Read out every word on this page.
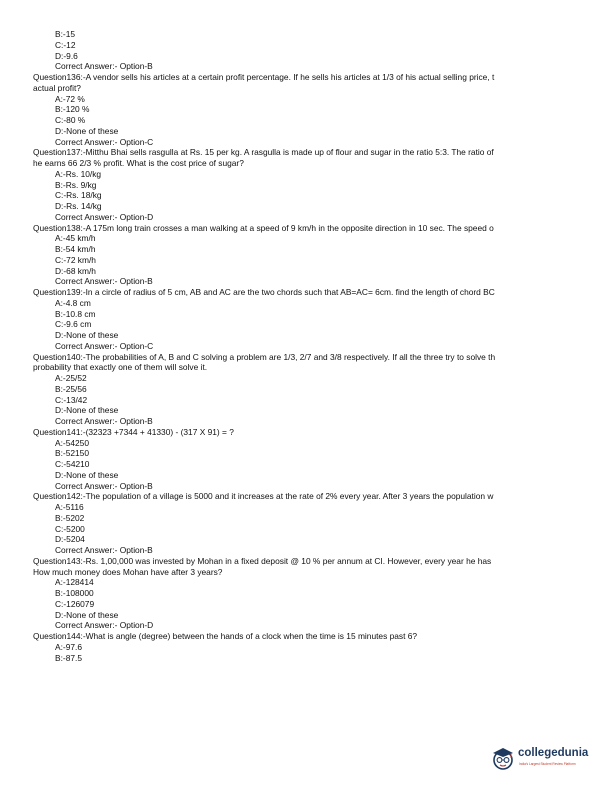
B:-15
C:-12
D:-9.6
Correct Answer:- Option-B
Question136:-A vendor sells his articles at a certain profit percentage. If he sells his articles at 1/3 of his actual selling price, t
actual profit?
A:-72 %
B:-120 %
C:-80 %
D:-None of these
Correct Answer:- Option-C
Question137:-Mitthu Bhai sells rasgulla at Rs. 15 per kg. A rasgulla is made up of flour and sugar in the ratio 5:3. The ratio of
he earns 66 2/3 % profit. What is the cost price of sugar?
A:-Rs. 10/kg
B:-Rs. 9/kg
C:-Rs. 18/kg
D:-Rs. 14/kg
Correct Answer:- Option-D
Question138:-A 175m long train crosses a man walking at a speed of 9 km/h in the opposite direction in 10 sec. The speed o
A:-45 km/h
B:-54 km/h
C:-72 km/h
D:-68 km/h
Correct Answer:- Option-B
Question139:-In a circle of radius of 5 cm, AB and AC are the two chords such that AB=AC= 6cm. find the length of chord BC
A:-4.8 cm
B:-10.8 cm
C:-9.6 cm
D:-None of these
Correct Answer:- Option-C
Question140:-The probabilities of A, B and C solving a problem are 1/3, 2/7 and 3/8 respectively. If all the three try to solve th
probability that exactly one of them will solve it.
A:-25/52
B:-25/56
C:-13/42
D:-None of these
Correct Answer:- Option-B
Question141:-(32323 +7344 + 41330) - (317 X 91) = ?
A:-54250
B:-52150
C:-54210
D:-None of these
Correct Answer:- Option-B
Question142:-The population of a village is 5000 and it increases at the rate of 2% every year. After 3 years the population w
A:-5116
B:-5202
C:-5200
D:-5204
Correct Answer:- Option-B
Question143:-Rs. 1,00,000 was invested by Mohan in a fixed deposit @ 10 % per annum at CI. However, every year he has
How much money does Mohan have after 3 years?
A:-128414
B:-108000
C:-126079
D:-None of these
Correct Answer:- Option-D
Question144:-What is angle (degree) between the hands of a clock when the time is 15 minutes past 6?
A:-97.6
B:-87.5
collegedunia
India's Largest Student Review Platform
